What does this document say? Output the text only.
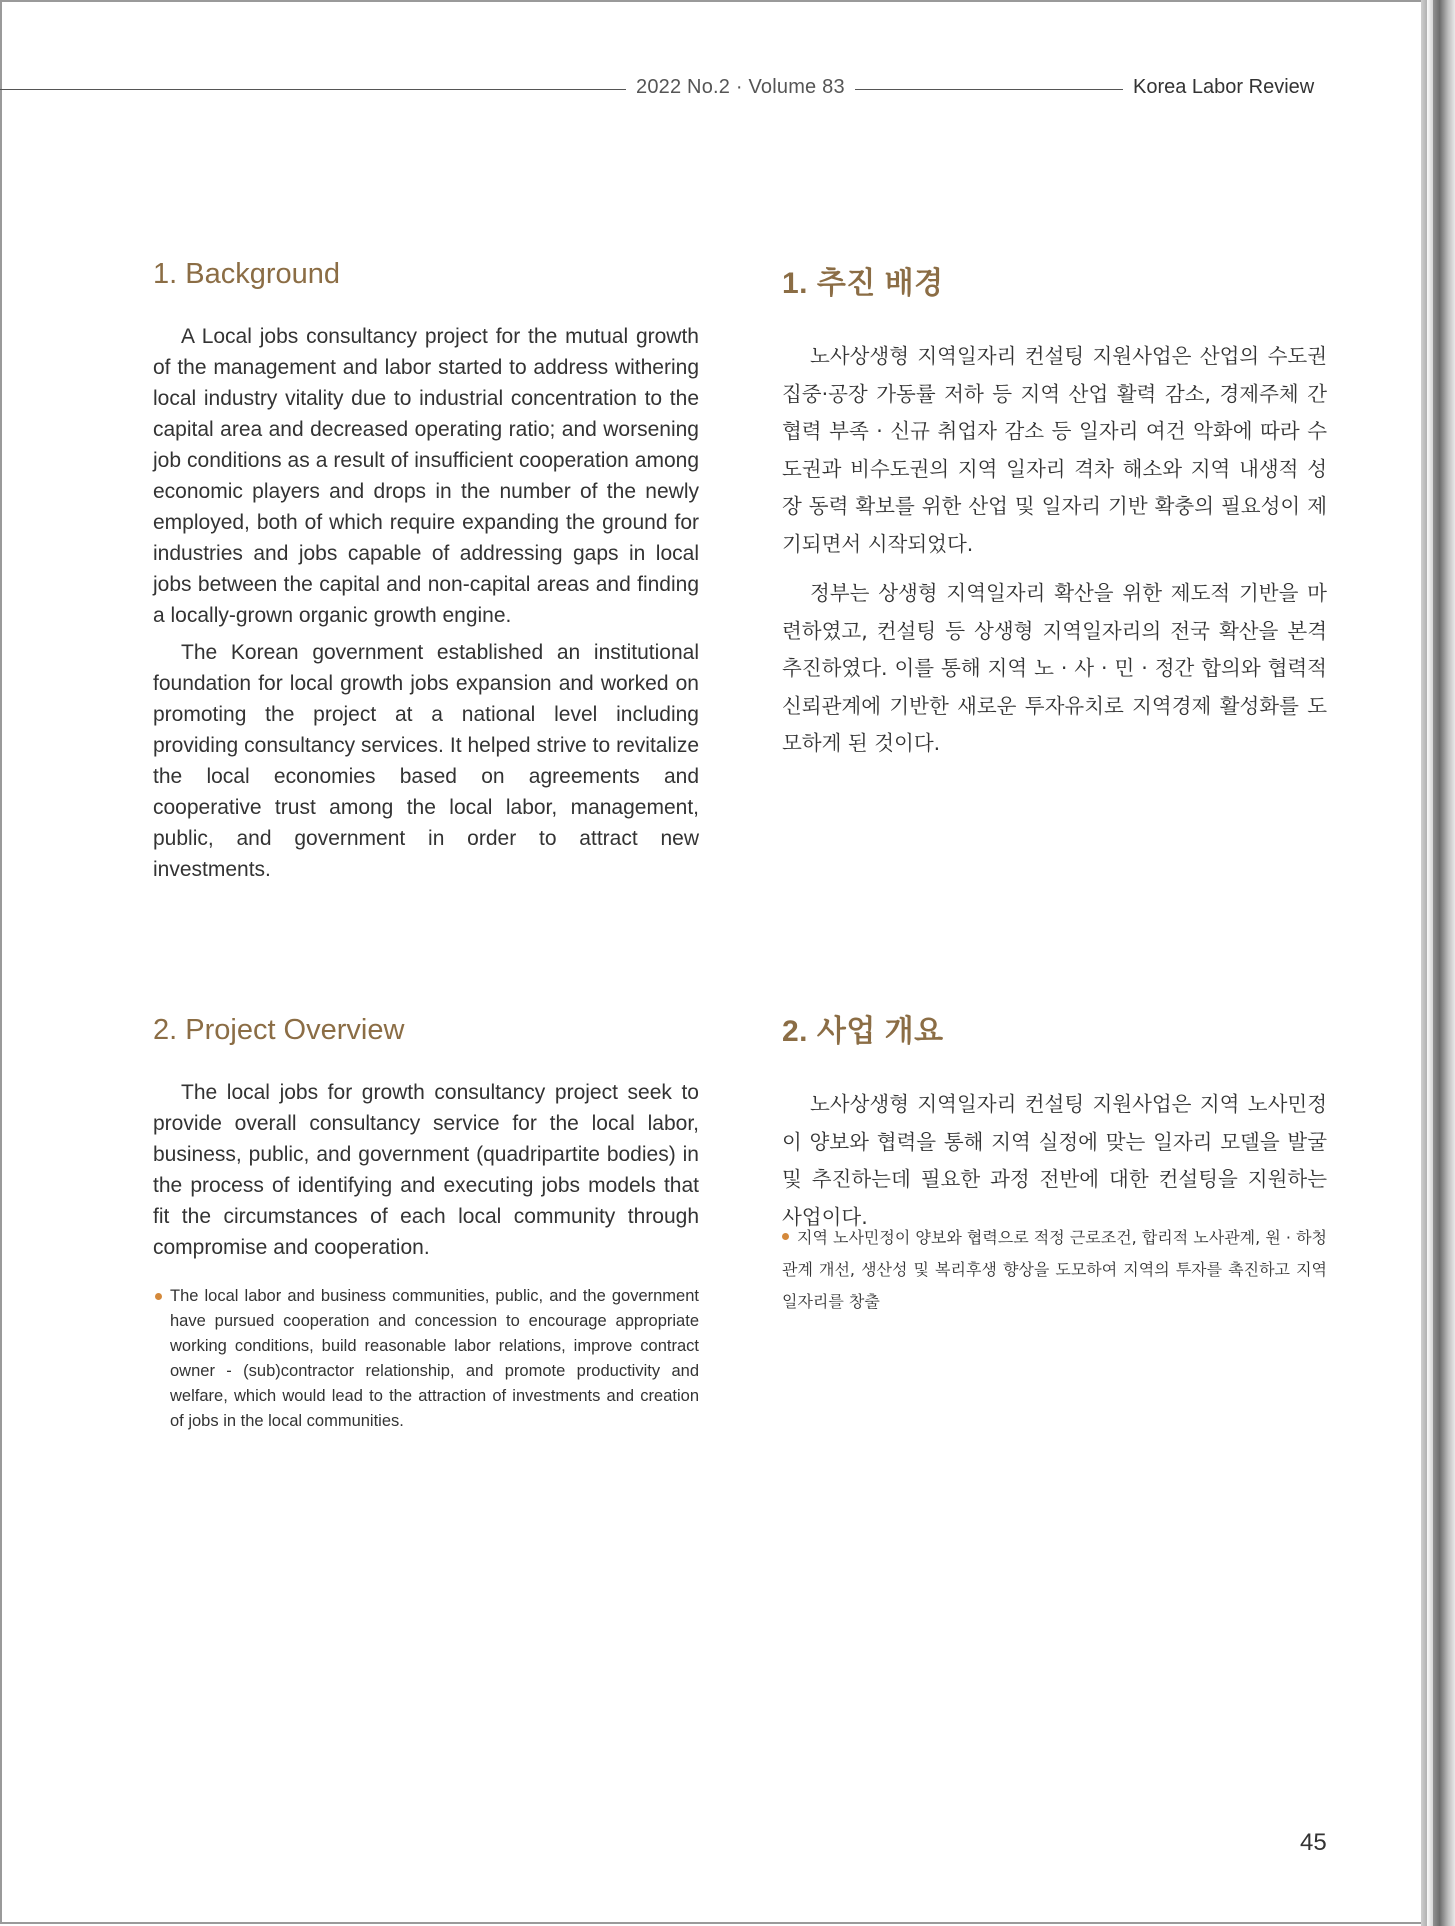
2022 No.2 · Volume 83	Korea Labor Review
1. Background

A Local jobs consultancy project for the mutual growth of the management and labor started to address withering local industry vitality due to industrial concentration to the capital area and decreased operating ratio; and worsening job conditions as a result of insufficient cooperation among economic players and drops in the number of the newly employed, both of which require expanding the ground for industries and jobs capable of addressing gaps in local jobs between the capital and non-capital areas and finding a locally-grown organic growth engine.

The Korean government established an institutional foundation for local growth jobs expansion and worked on promoting the project at a national level including providing consultancy services. It helped strive to revitalize the local economies based on agreements and cooperative trust among the local labor, management, public, and government in order to attract new investments.

1. 추진 배경

노사상생형 지역일자리 컨설팅 지원사업은 산업의 수도권 집중·공장 가동률 저하 등 지역 산업 활력 감소, 경제주체 간 협력 부족 · 신규 취업자 감소 등 일자리 여건 악화에 따라 수도권과 비수도권의 지역 일자리 격차 해소와 지역 내생적 성장 동력 확보를 위한 산업 및 일자리 기반 확충의 필요성이 제기되면서 시작되었다.

정부는 상생형 지역일자리 확산을 위한 제도적 기반을 마련하였고, 컨설팅 등 상생형 지역일자리의 전국 확산을 본격 추진하였다. 이를 통해 지역 노 · 사 · 민 · 정간 합의와 협력적 신뢰관계에 기반한 새로운 투자유치로 지역경제 활성화를 도모하게 된 것이다.

2. Project Overview

The local jobs for growth consultancy project seek to provide overall consultancy service for the local labor, business, public, and government (quadripartite bodies) in the process of identifying and executing jobs models that fit the circumstances of each local community through compromise and cooperation.

The local labor and business communities, public, and the government have pursued cooperation and concession to encourage appropriate working conditions, build reasonable labor relations, improve contract owner - (sub)contractor relationship, and promote productivity and welfare, which would lead to the attraction of investments and creation of jobs in the local communities.

2. 사업 개요

노사상생형 지역일자리 컨설팅 지원사업은 지역 노사민정이 양보와 협력을 통해 지역 실정에 맞는 일자리 모델을 발굴 및 추진하는데 필요한 과정 전반에 대한 컨설팅을 지원하는 사업이다.

지역 노사민정이 양보와 협력으로 적정 근로조건, 합리적 노사관계, 원 · 하청 관계 개선, 생산성 및 복리후생 향상을 도모하여 지역의 투자를 촉진하고 지역일자리를 창출

45
